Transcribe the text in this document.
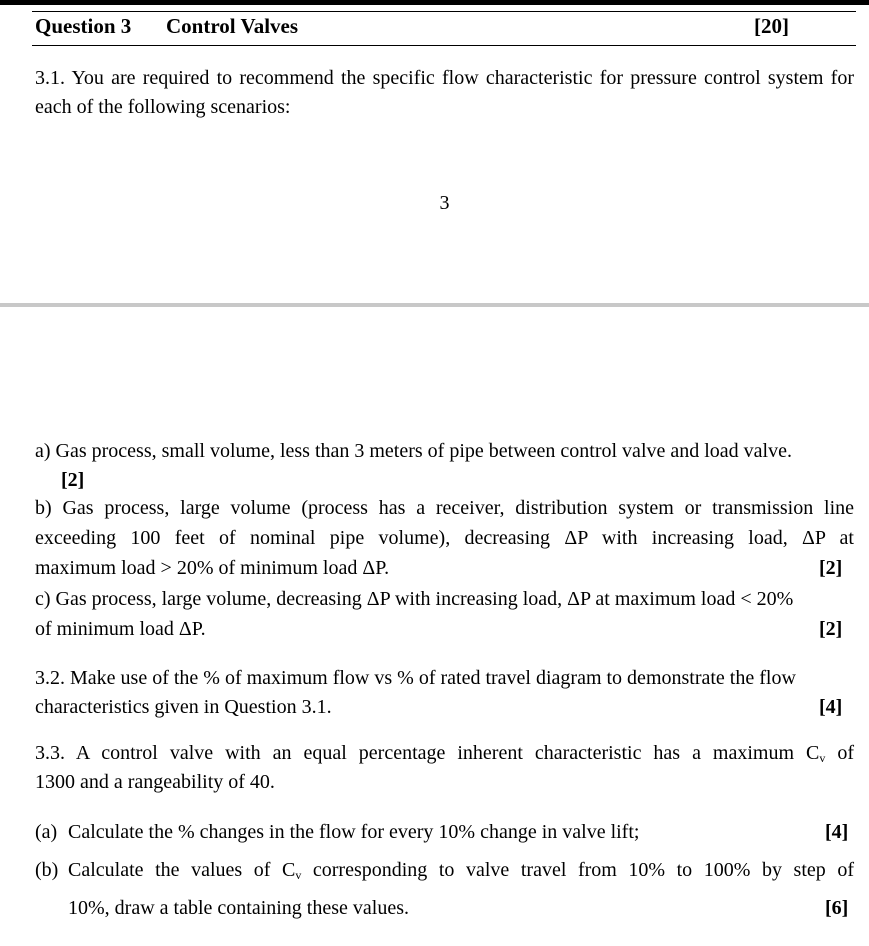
Question 3 Control Valves	[20]
3.1. You are required to recommend the specific flow characteristic for pressure control system for each of the following scenarios:
3
a) Gas process, small volume, less than 3 meters of pipe between control valve and load valve.
[2]
b) Gas process, large volume (process has a receiver, distribution system or transmission line
exceeding 100 feet of nominal pipe volume), decreasing ΔP with increasing load, ΔP at
maximum load > 20% of minimum load ΔP.	[2]
c) Gas process, large volume, decreasing ΔP with increasing load, ΔP at maximum load < 20%
of minimum load ΔP.	[2]
3.2. Make use of the % of maximum flow vs % of rated travel diagram to demonstrate the flow
characteristics given in Question 3.1.	[4]
3.3. A control valve with an equal percentage inherent characteristic has a maximum $C_v$ of
1300 and a rangeability of 40.
(a) Calculate the % changes in the flow for every 10% change in valve lift;	[4]
(b) Calculate the values of $C_v$ corresponding to valve travel from 10% to 100% by step of
10%, draw a table containing these values.	[6]
